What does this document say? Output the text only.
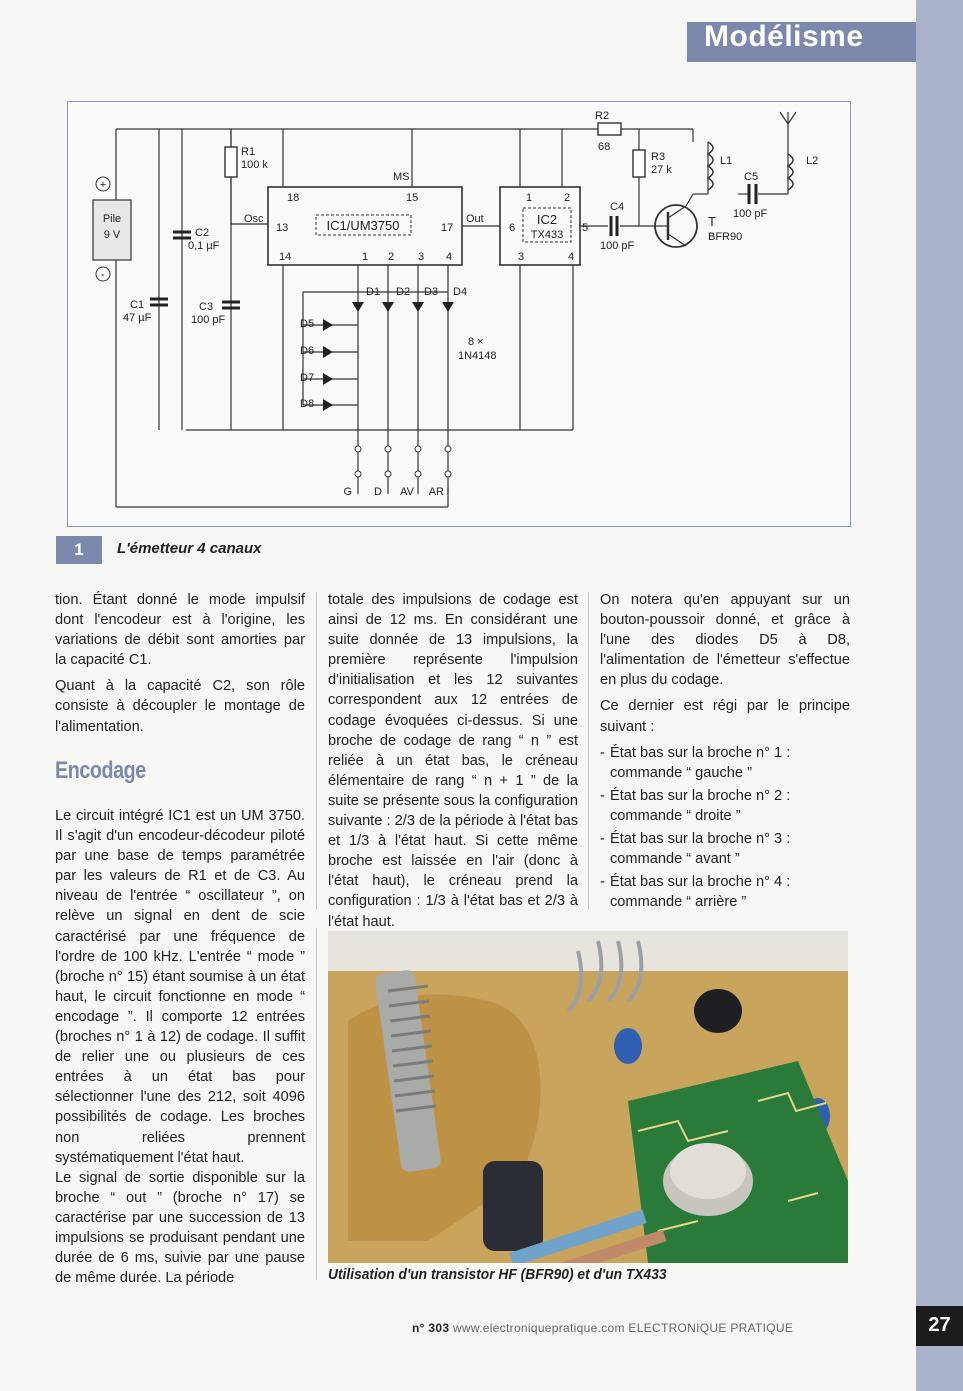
Modélisme
+
-
Pile
9 V
R1
100 k
R2
68
R3
27 k
C1
47 µF
C2
0,1 µF
C3
100 pF
C4
100 pF
C5
100 pF
18	15
MS
Osc
13	17
Out
14
IC1/UM3750
1 2 3 4
1	2
3	4
5
6
IC2
TX433
T
BFR90
L1	L2
D1 D2 D3 D4
D5
D6
D7
D8
8 ×
1N4148
G D AV AR
1	L'émetteur 4 canaux

tion. Étant donné le mode impulsif dont l'encodeur est à l'origine, les variations de débit sont amorties par la capacité C1.

Quant à la capacité C2, son rôle consiste à découpler le montage de l'alimentation.

Encodage

Le circuit intégré IC1 est un UM 3750. Il s'agit d'un encodeur-décodeur piloté par une base de temps paramétrée par les valeurs de R1 et de C3. Au niveau de l'entrée “ oscillateur ”, on relève un signal en dent de scie caractérisé par une fréquence de l'ordre de 100 kHz. L'entrée “ mode ” (broche n° 15) étant soumise à un état haut, le circuit fonctionne en mode “ encodage ”. Il comporte 12 entrées (broches n° 1 à 12) de codage. Il suffit de relier une ou plusieurs de ces entrées à un état bas pour sélectionner l'une des 212, soit 4096 possibilités de codage. Les broches non reliées prennent systématiquement l'état haut.

Le signal de sortie disponible sur la broche “ out ” (broche n° 17) se caractérise par une succession de 13 impulsions se produisant pendant une durée de 6 ms, suivie par une pause de même durée. La période

totale des impulsions de codage est ainsi de 12 ms. En considérant une suite donnée de 13 impulsions, la première représente l'impulsion d'initialisation et les 12 suivantes correspondent aux 12 entrées de codage évoquées ci-dessus. Si une broche de codage de rang “ n ” est reliée à un état bas, le créneau élémentaire de rang “ n + 1 ” de la suite se présente sous la configuration suivante : 2/3 de la période à l'état bas et 1/3 à l'état haut. Si cette même broche est laissée en l'air (donc à l'état haut), le créneau prend la configuration : 1/3 à l'état bas et 2/3 à l'état haut.

On notera qu'en appuyant sur un bouton-poussoir donné, et grâce à l'une des diodes D5 à D8, l'alimentation de l'émetteur s'effectue en plus du codage.

Ce dernier est régi par le principe suivant :

- État bas sur la broche n° 1 :
commande “ gauche ”
- État bas sur la broche n° 2 :
commande “ droite ”
- État bas sur la broche n° 3 :
commande “ avant ”
- État bas sur la broche n° 4 :
commande “ arrière ”
Utilisation d'un transistor HF (BFR90) et d'un TX433
n° 303 www.electroniquepratique.com ELECTRONIQUE PRATIQUE	27
